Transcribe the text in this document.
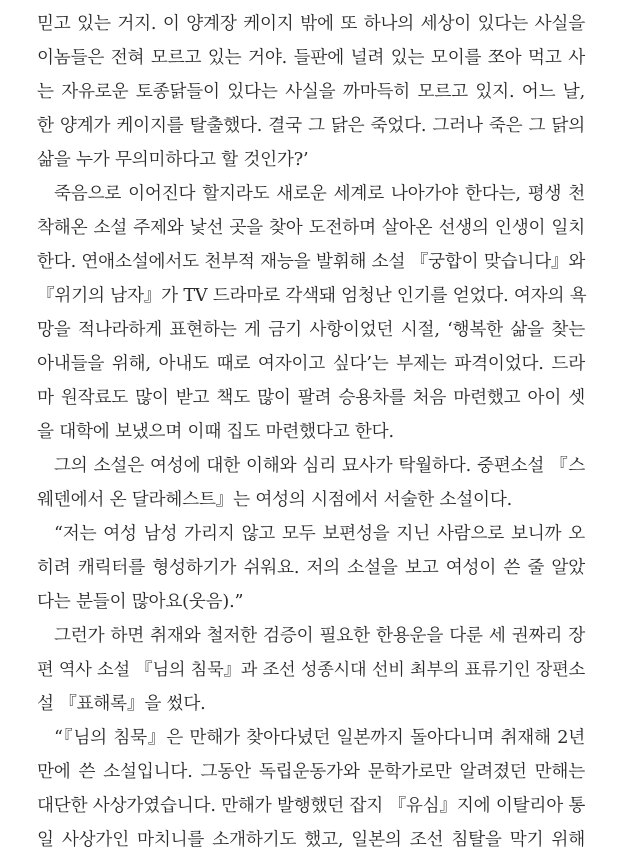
믿고 있는 거지. 이 양계장 케이지 밖에 또 하나의 세상이 있다는 사실을
이놈들은 전혀 모르고 있는 거야. 들판에 널려 있는 모이를 쪼아 먹고 사
는 자유로운 토종닭들이 있다는 사실을 까마득히 모르고 있지. 어느 날,
한 양계가 케이지를 탈출했다. 결국 그 닭은 죽었다. 그러나 죽은 그 닭의
삶을 누가 무의미하다고 할 것인가?’
죽음으로 이어진다 할지라도 새로운 세계로 나아가야 한다는, 평생 천
착해온 소설 주제와 낯선 곳을 찾아 도전하며 살아온 선생의 인생이 일치
한다. 연애소설에서도 천부적 재능을 발휘해 소설 『궁합이 맞습니다』와
『위기의 남자』가 TV 드라마로 각색돼 엄청난 인기를 얻었다. 여자의 욕
망을 적나라하게 표현하는 게 금기 사항이었던 시절, ‘행복한 삶을 찾는
아내들을 위해, 아내도 때로 여자이고 싶다’는 부제는 파격이었다. 드라
마 원작료도 많이 받고 책도 많이 팔려 승용차를 처음 마련했고 아이 셋
을 대학에 보냈으며 이때 집도 마련했다고 한다.
그의 소설은 여성에 대한 이해와 심리 묘사가 탁월하다. 중편소설 『스
웨덴에서 온 달라헤스트』는 여성의 시점에서 서술한 소설이다.
“저는 여성 남성 가리지 않고 모두 보편성을 지닌 사람으로 보니까 오
히려 캐릭터를 형성하기가 쉬워요. 저의 소설을 보고 여성이 쓴 줄 알았
다는 분들이 많아요(웃음).”
그런가 하면 취재와 철저한 검증이 필요한 한용운을 다룬 세 권짜리 장
편 역사 소설 『님의 침묵』과 조선 성종시대 선비 최부의 표류기인 장편소
설 『표해록』을 썼다.
“『님의 침묵』은 만해가 찾아다녔던 일본까지 돌아다니며 취재해 2년
만에 쓴 소설입니다. 그동안 독립운동가와 문학가로만 알려졌던 만해는
대단한 사상가였습니다. 만해가 발행했던 잡지 『유심』지에 이탈리아 통
일 사상가인 마치니를 소개하기도 했고, 일본의 조선 침탈을 막기 위해
